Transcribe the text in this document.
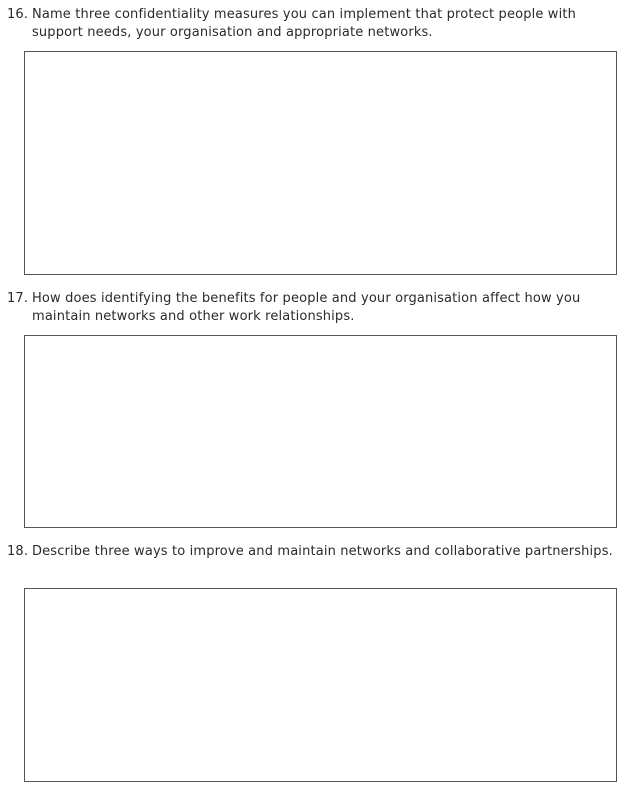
16. Name three confidentiality measures you can implement that protect people with support needs, your organisation and appropriate networks.
17. How does identifying the benefits for people and your organisation affect how you maintain networks and other work relationships.
18. Describe three ways to improve and maintain networks and collaborative partnerships.
